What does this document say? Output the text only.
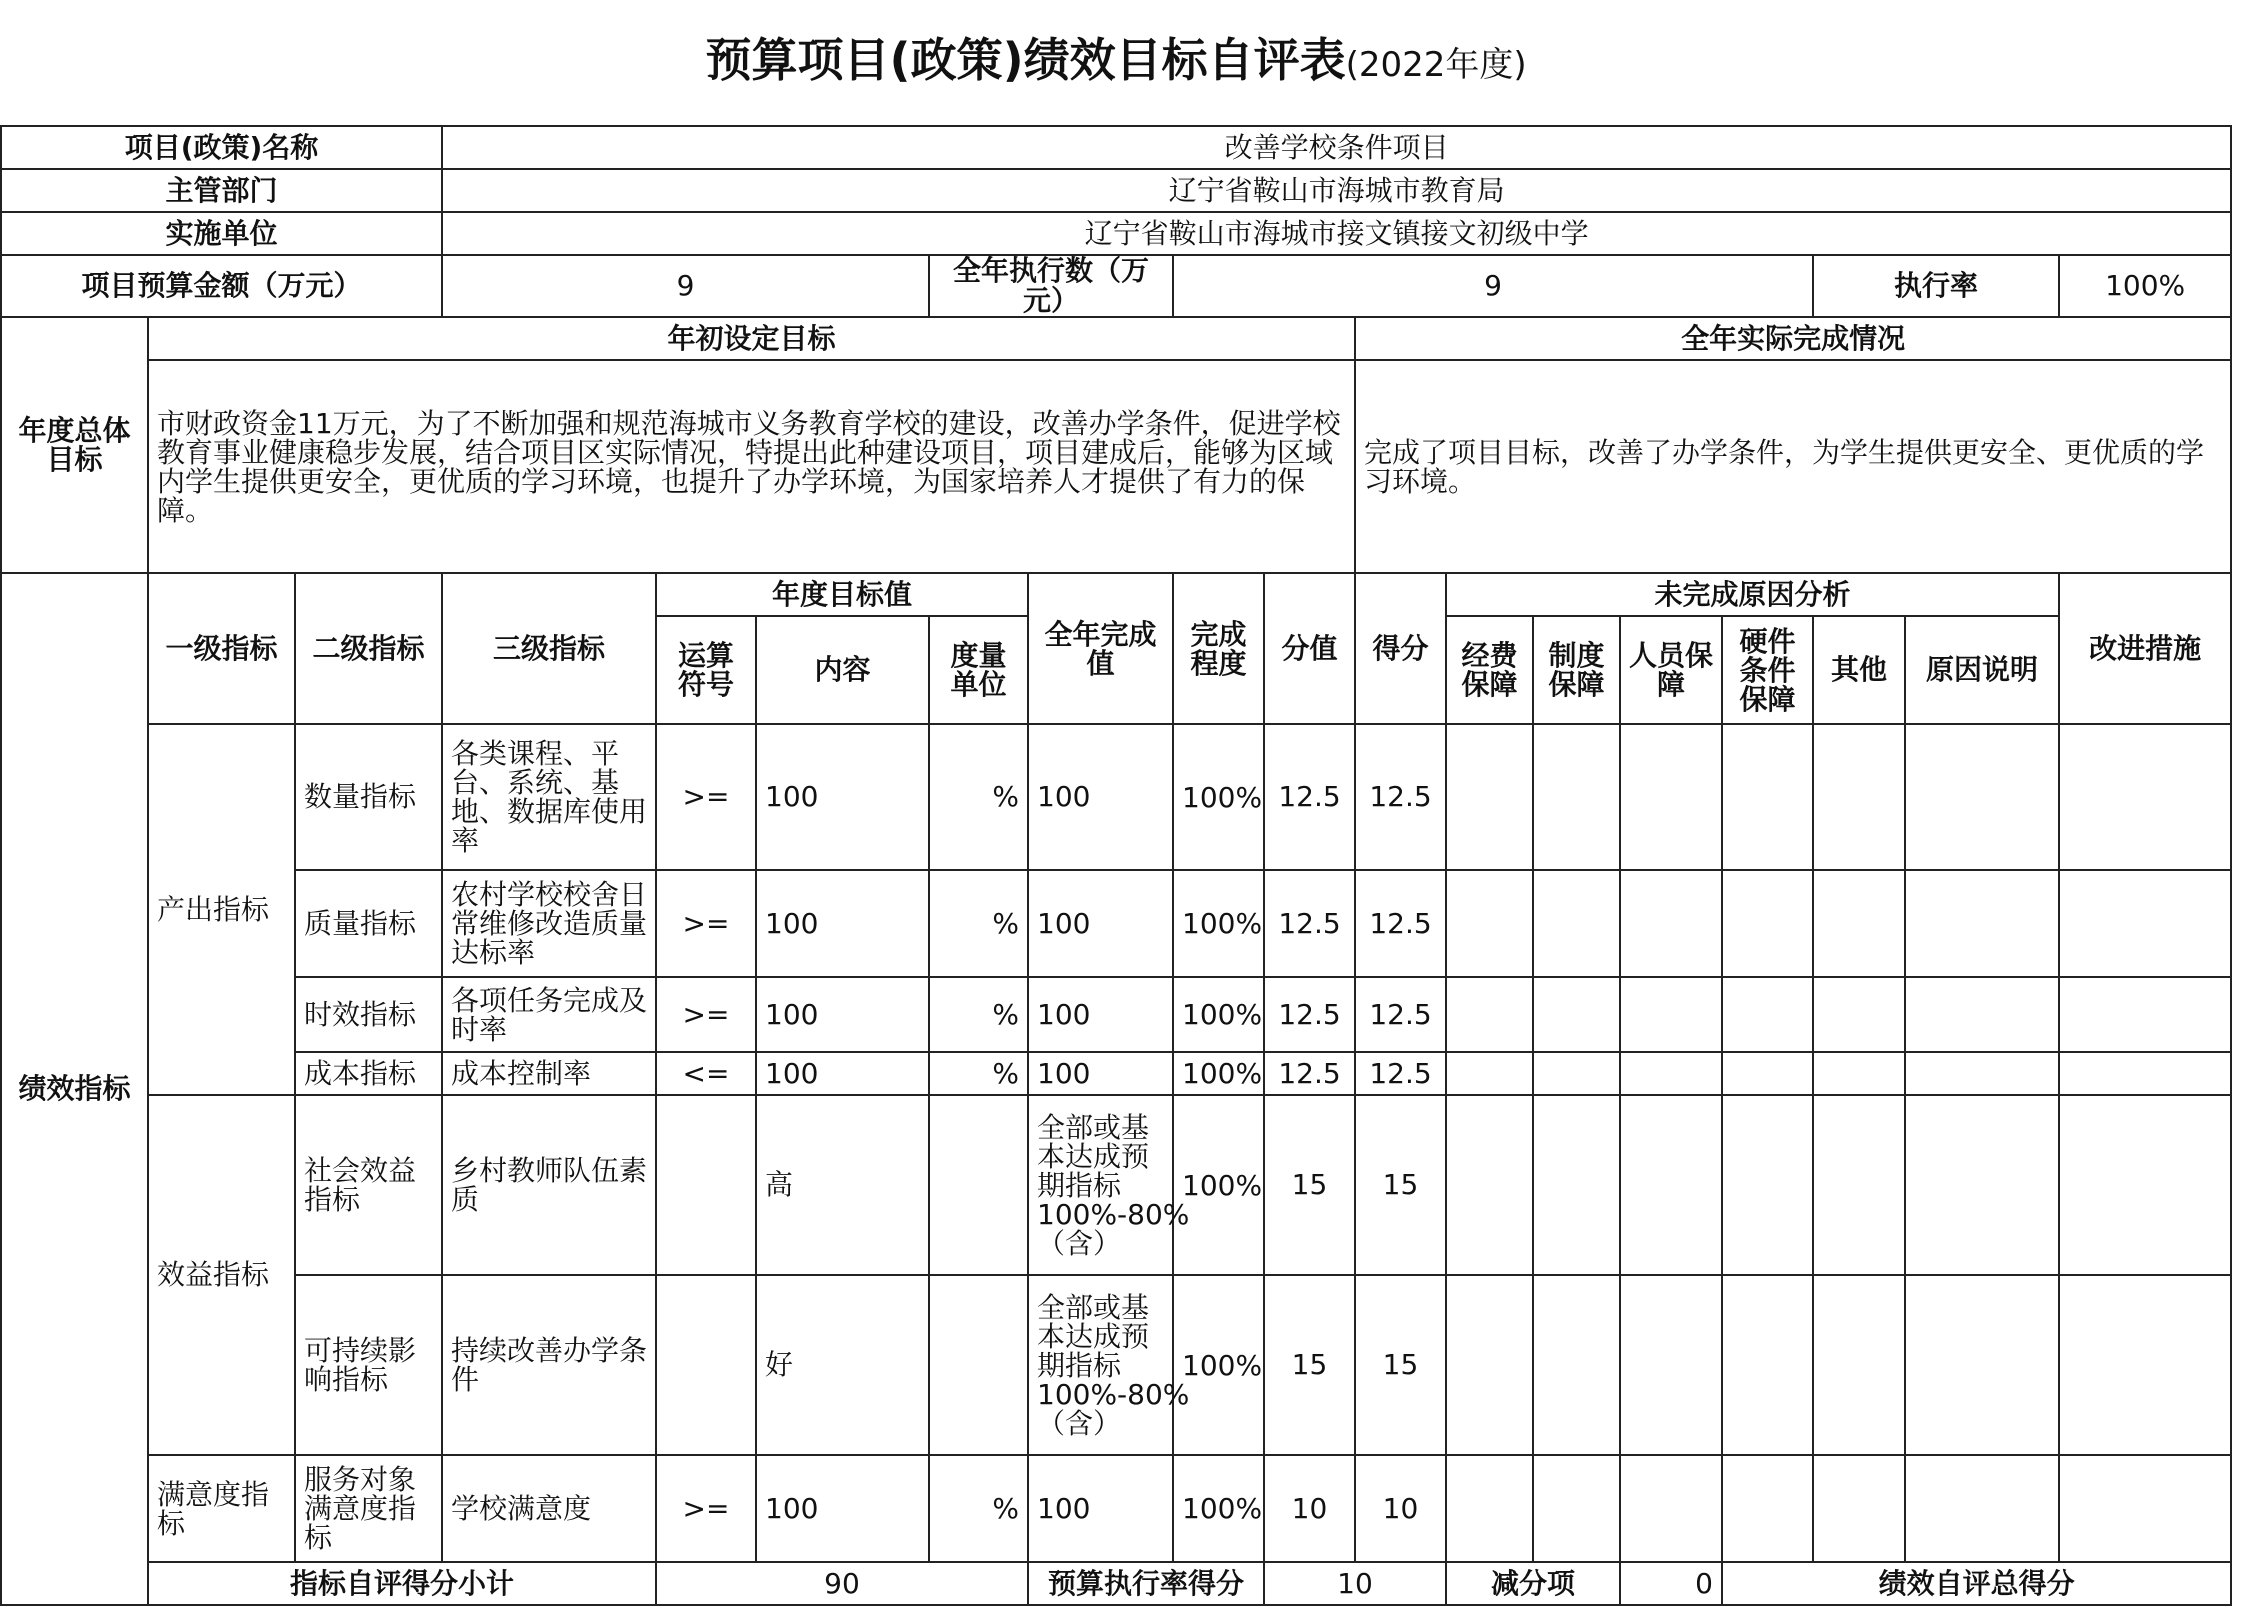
预算项目(政策)绩效目标自评表(2022年度)																		
项目(政策)名称			改善学校条件项目															
主管部门			辽宁省鞍山市海城市教育局															
实施单位			辽宁省鞍山市海城市接文镇接文初级中学															
项目预算金额（万元）			9			全年执行数（万元）		9							执行率		100%	
年度总体目标	年初设定目标									全年实际完成情况								
	市财政资金11万元，为了不断加强和规范海城市义务教育学校的建设，改善办学条件，促进学校教育事业健康稳步发展，结合项目区实际情况，特提出此种建设项目，项目建成后，能够为区域内学生提供更安全，更优质的学习环境，也提升了办学环境，为国家培养人才提供了有力的保障。									完成了项目目标，改善了办学条件，为学生提供更安全、更优质的学习环境。								
绩效指标	一级指标	二级指标	三级指标	年度目标值			全年完成值	完成程度	分值	得分	未完成原因分析						改进措施	
				运算符号	内容	度量单位					经费保障	制度保障	人员保障	硬件条件保障	其他	原因说明		
	产出指标	数量指标	各类课程、平台、系统、基地、数据库使用率	>=	100	%	100	100%	12.5	12.5								
		质量指标	农村学校校舍日常维修改造质量达标率	>=	100	%	100	100%	12.5	12.5								
		时效指标	各项任务完成及时率	>=	100	%	100	100%	12.5	12.5								
		成本指标	成本控制率	<=	100	%	100	100%	12.5	12.5								
	效益指标	社会效益指标	乡村教师队伍素质		高		全部或基本达成预期指标100%-80%（含）	100%	15	15								
		可持续影响指标	持续改善办学条件		好		全部或基本达成预期指标100%-80%（含）	100%	15	15								
	满意度指标	服务对象满意度指标	学校满意度	>=	100	%	100	100%	10	10								
	指标自评得分小计			90			预算执行率得分		10		减分项		0	绩效自评总得分	
